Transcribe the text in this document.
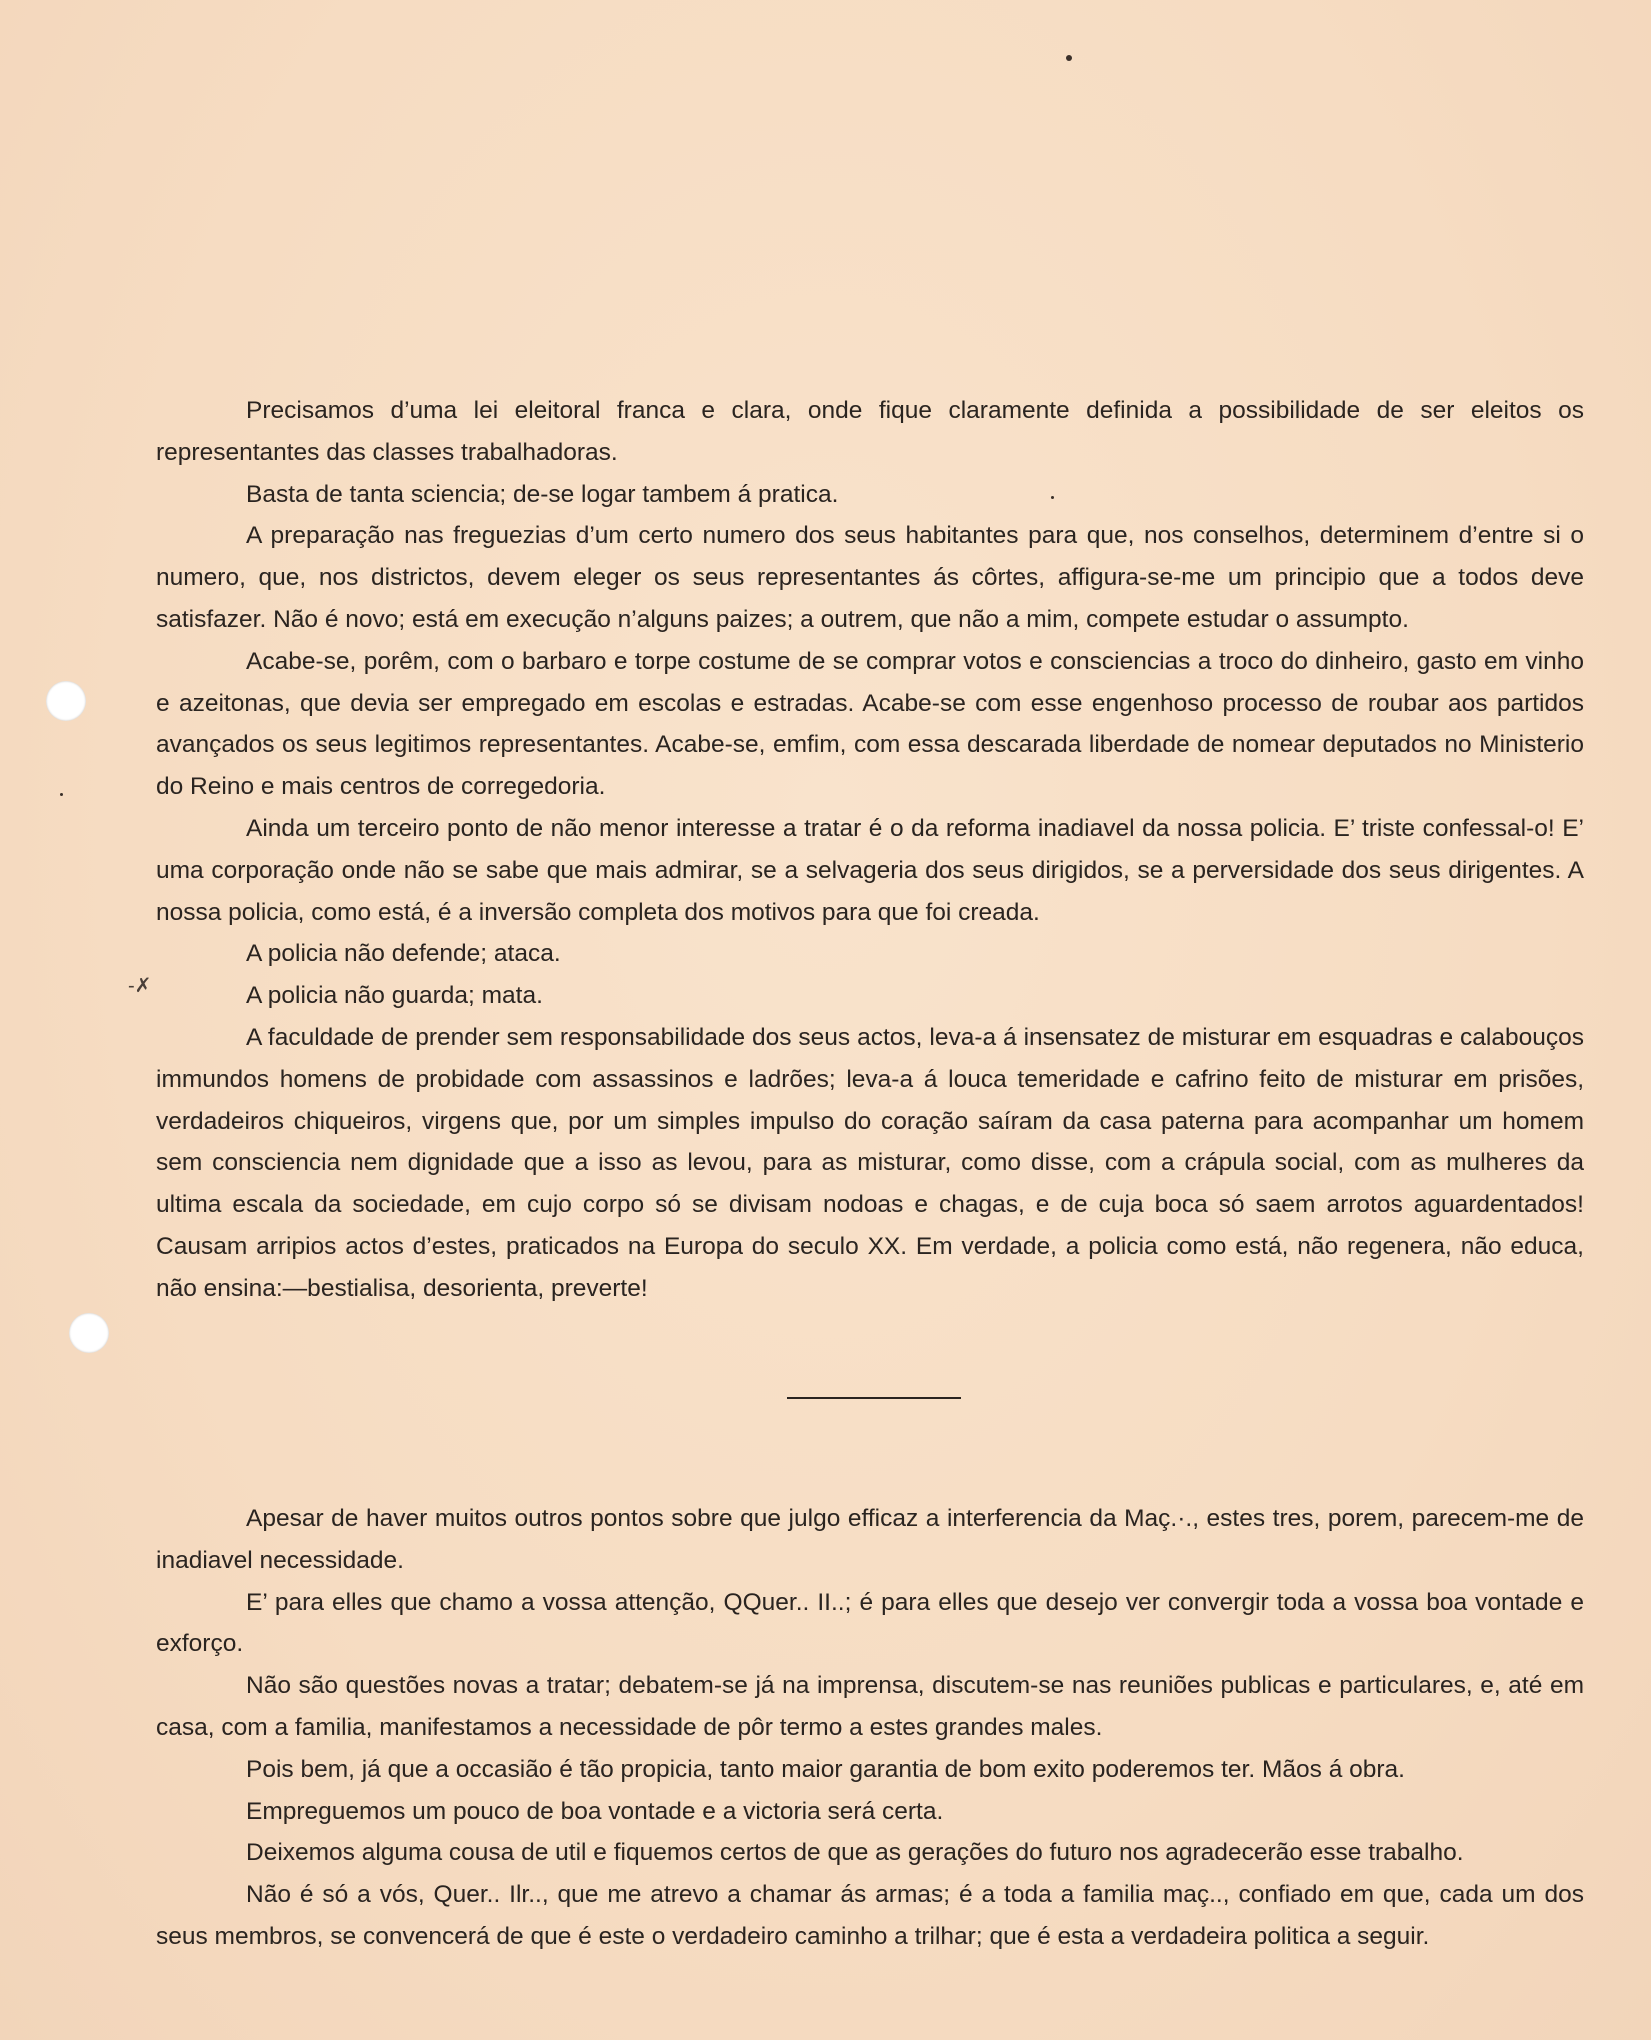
-✗

Precisamos d’uma lei eleitoral franca e clara, onde fique claramente definida a possibilidade de ser eleitos os representantes das classes trabalhadoras.

Basta de tanta sciencia; de-se logar tambem á pratica.

A preparação nas freguezias d’um certo numero dos seus habitantes para que, nos conselhos, determinem d’entre si o numero, que, nos districtos, devem eleger os seus representantes ás côrtes, affigura-se-me um principio que a todos deve satisfazer. Não é novo; está em execução n’alguns paizes; a outrem, que não a mim, compete estudar o assumpto.

Acabe-se, porêm, com o barbaro e torpe costume de se comprar votos e consciencias a troco do dinheiro, gasto em vinho e azeitonas, que devia ser empregado em escolas e estradas. Acabe-se com esse engenhoso processo de roubar aos partidos avançados os seus legitimos representantes. Acabe-se, emfim, com essa descarada liberdade de nomear deputados no Ministerio do Reino e mais centros de corregedoria.

Ainda um terceiro ponto de não menor interesse a tratar é o da reforma inadiavel da nossa policia. E’ triste confessal-o! E’ uma corporação onde não se sabe que mais admirar, se a selvageria dos seus dirigidos, se a perversidade dos seus dirigentes. A nossa policia, como está, é a inversão completa dos motivos para que foi creada.

A policia não defende; ataca.

A policia não guarda; mata.

A faculdade de prender sem responsabilidade dos seus actos, leva-a á insensatez de misturar em esquadras e calabouços immundos homens de probidade com assassinos e ladrões; leva-a á louca temeridade e cafrino feito de misturar em prisões, verdadeiros chiqueiros, virgens que, por um simples impulso do coração saíram da casa paterna para acompanhar um homem sem consciencia nem dignidade que a isso as levou, para as misturar, como disse, com a crápula social, com as mulheres da ultima escala da sociedade, em cujo corpo só se divisam nodoas e chagas, e de cuja boca só saem arrotos aguardentados! Causam arripios actos d’estes, praticados na Europa do seculo XX. Em verdade, a policia como está, não regenera, não educa, não ensina:—bestialisa, desorienta, preverte!

Apesar de haver muitos outros pontos sobre que julgo efficaz a interferencia da Maç.·., estes tres, porem, parecem-me de inadiavel necessidade.

E’ para elles que chamo a vossa attenção, QQuer.. II..; é para elles que desejo ver convergir toda a vossa boa vontade e exforço.

Não são questões novas a tratar; debatem-se já na imprensa, discutem-se nas reuniões publicas e particulares, e, até em casa, com a familia, manifestamos a necessidade de pôr termo a estes grandes males.

Pois bem, já que a occasião é tão propicia, tanto maior garantia de bom exito poderemos ter. Mãos á obra.

Empreguemos um pouco de boa vontade e a victoria será certa.

Deixemos alguma cousa de util e fiquemos certos de que as gerações do futuro nos agradecerão esse trabalho.

Não é só a vós, Quer.. Ilr.., que me atrevo a chamar ás armas; é a toda a familia maç.., confiado em que, cada um dos seus membros, se convencerá de que é este o verdadeiro caminho a trilhar; que é esta a verdadeira politica a seguir.
